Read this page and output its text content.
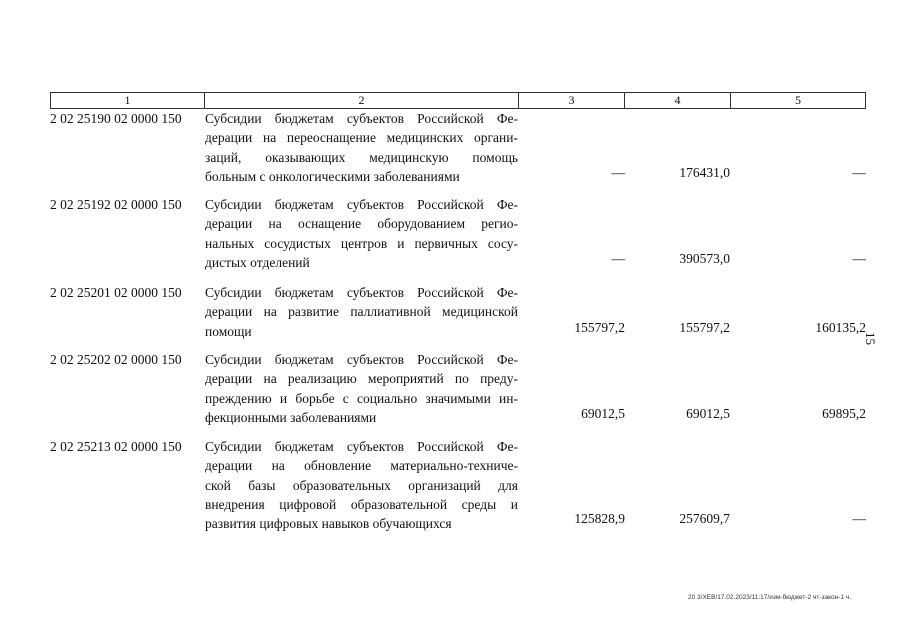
1	2	3	4	5
2 02 25190 02 0000 150 Субсидии бюджетам субъектов Российской Фе-
дерации на переоснащение медицинских органи-
заций, оказывающих медицинскую помощь
больным с онкологическими заболеваниями	—	176431,0	—
2 02 25192 02 0000 150 Субсидии бюджетам субъектов Российской Фе-
дерации на оснащение оборудованием регио-
нальных сосудистых центров и первичных сосу-
дистых отделений	—	390573,0	—
2 02 25201 02 0000 150 Субсидии бюджетам субъектов Российской Фе-
дерации на развитие паллиативной медицинской
помощи	155797,2	155797,2	160135,2
2 02 25202 02 0000 150 Субсидии бюджетам субъектов Российской Фе-
дерации на реализацию мероприятий по преду-
преждению и борьбе с социально значимыми ин-
фекционными заболеваниями	69012,5	69012,5	69895,2
2 02 25213 02 0000 150 Субсидии бюджетам субъектов Российской Фе-
дерации на обновление материально-техниче-
ской базы образовательных организаций для
внедрения цифровой образовательной среды и
развития цифровых навыков обучающихся	125828,9	257609,7	—
15
20 3/ХЕВ/17.02.2023/11:17/изм-бюджет-2 чт-закон-1 ч.
